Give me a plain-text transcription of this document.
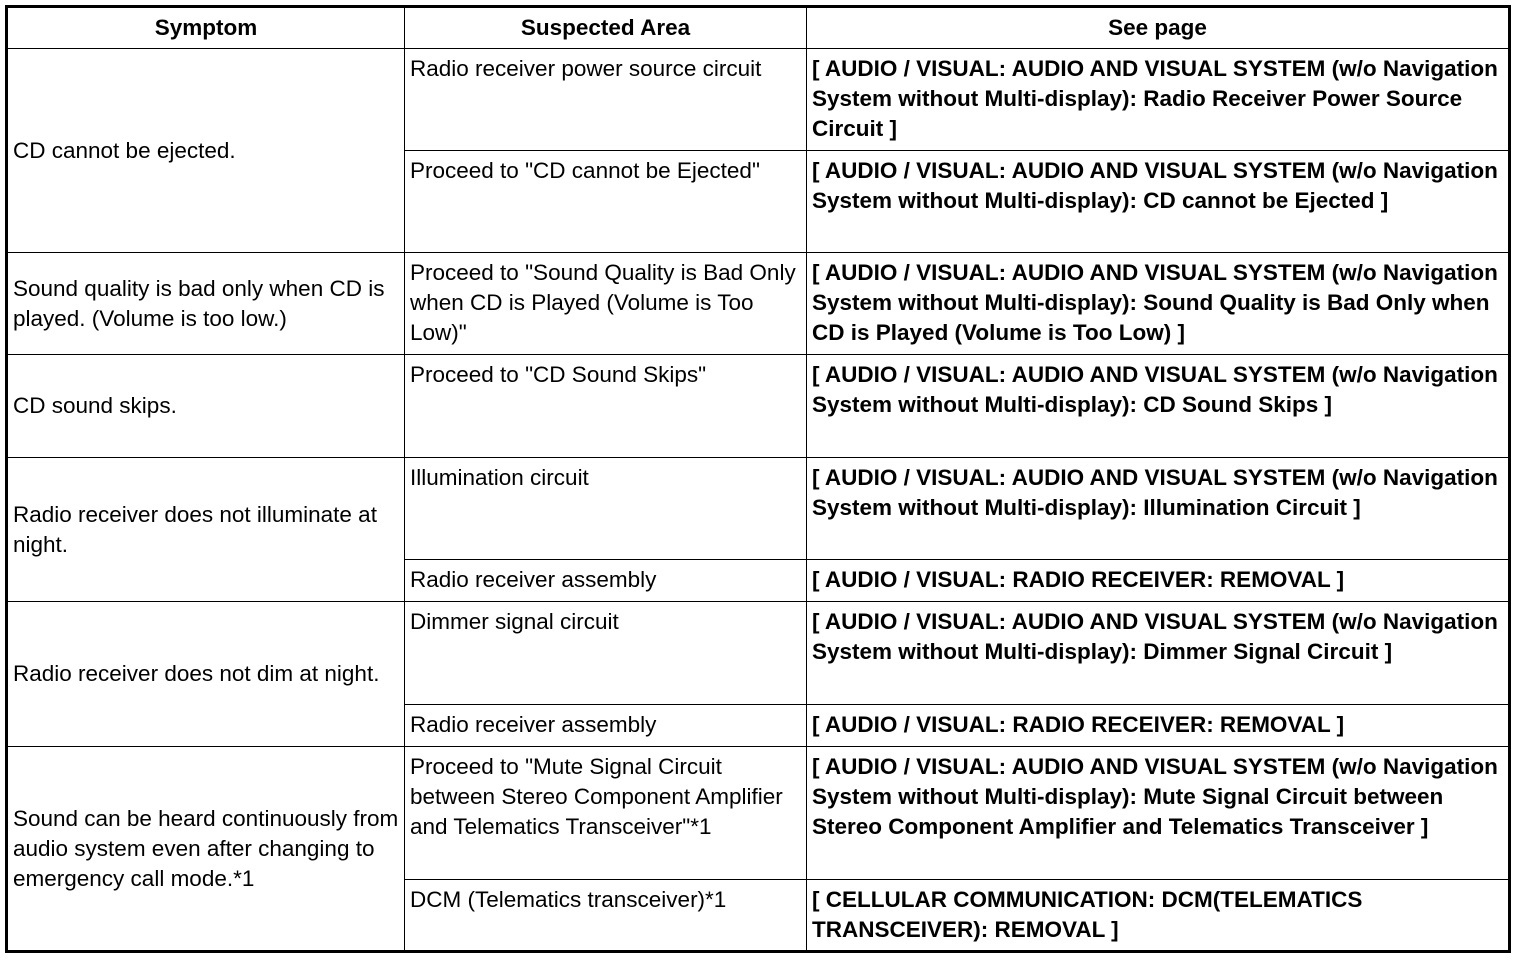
Symptom	Suspected Area	See page
CD cannot be ejected.	Radio receiver power source circuit	[ AUDIO / VISUAL: AUDIO AND VISUAL SYSTEM (w/o Navigation System without Multi-display): Radio Receiver Power Source Circuit ]
	Proceed to "CD cannot be Ejected"	[ AUDIO / VISUAL: AUDIO AND VISUAL SYSTEM (w/o Navigation System without Multi-display): CD cannot be Ejected ]
Sound quality is bad only when CD is played. (Volume is too low.)	Proceed to "Sound Quality is Bad Only when CD is Played (Volume is Too Low)"	[ AUDIO / VISUAL: AUDIO AND VISUAL SYSTEM (w/o Navigation System without Multi-display): Sound Quality is Bad Only when CD is Played (Volume is Too Low) ]
CD sound skips.	Proceed to "CD Sound Skips"	[ AUDIO / VISUAL: AUDIO AND VISUAL SYSTEM (w/o Navigation System without Multi-display): CD Sound Skips ]
Radio receiver does not illuminate at night.	Illumination circuit	[ AUDIO / VISUAL: AUDIO AND VISUAL SYSTEM (w/o Navigation System without Multi-display): Illumination Circuit ]
	Radio receiver assembly	[ AUDIO / VISUAL: RADIO RECEIVER: REMOVAL ]
Radio receiver does not dim at night.	Dimmer signal circuit	[ AUDIO / VISUAL: AUDIO AND VISUAL SYSTEM (w/o Navigation System without Multi-display): Dimmer Signal Circuit ]
	Radio receiver assembly	[ AUDIO / VISUAL: RADIO RECEIVER: REMOVAL ]
Sound can be heard continuously from audio system even after changing to emergency call mode.*1	Proceed to "Mute Signal Circuit between Stereo Component Amplifier and Telematics Transceiver"*1	[ AUDIO / VISUAL: AUDIO AND VISUAL SYSTEM (w/o Navigation System without Multi-display): Mute Signal Circuit between Stereo Component Amplifier and Telematics Transceiver ]
	DCM (Telematics transceiver)*1	[ CELLULAR COMMUNICATION: DCM(TELEMATICS TRANSCEIVER): REMOVAL ]
